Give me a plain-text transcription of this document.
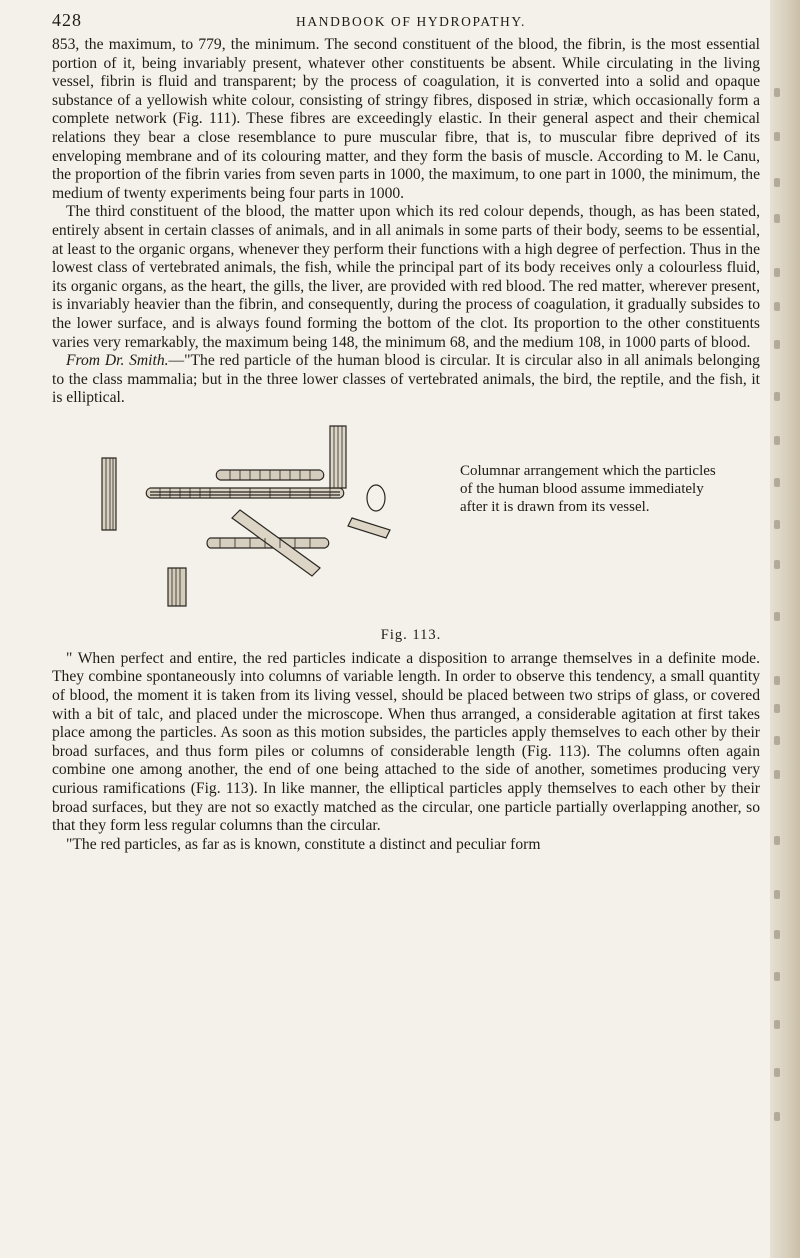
428	HANDBOOK OF HYDROPATHY.

853, the maximum, to 779, the minimum. The second constituent of the blood, the fibrin, is the most essential portion of it, being invariably present, whatever other constituents be absent. While circulating in the living vessel, fibrin is fluid and transparent; by the process of coagulation, it is converted into a solid and opaque substance of a yellowish white colour, consisting of stringy fibres, disposed in striæ, which occasionally form a complete network (Fig. 111). These fibres are exceedingly elastic. In their general aspect and their chemical relations they bear a close resemblance to pure muscular fibre, that is, to muscular fibre deprived of its enveloping membrane and of its colouring matter, and they form the basis of muscle. According to M. le Canu, the proportion of the fibrin varies from seven parts in 1000, the maximum, to one part in 1000, the minimum, the medium of twenty experiments being four parts in 1000.

The third constituent of the blood, the matter upon which its red colour depends, though, as has been stated, entirely absent in certain classes of animals, and in all animals in some parts of their body, seems to be essential, at least to the organic organs, whenever they perform their functions with a high degree of perfection. Thus in the lowest class of vertebrated animals, the fish, while the principal part of its body receives only a colourless fluid, its organic organs, as the heart, the gills, the liver, are provided with red blood. The red matter, wherever present, is invariably heavier than the fibrin, and consequently, during the process of coagulation, it gradually subsides to the lower surface, and is always found forming the bottom of the clot. Its proportion to the other constituents varies very remarkably, the maximum being 148, the minimum 68, and the medium 108, in 1000 parts of blood.

From Dr. Smith.—"The red particle of the human blood is circular. It is circular also in all animals belonging to the class mammalia; but in the three lower classes of vertebrated animals, the bird, the reptile, and the fish, it is elliptical.

Columnar arrangement which the particles of the human blood assume immediately after it is drawn from its vessel.
Fig. 113.

" When perfect and entire, the red particles indicate a disposition to arrange themselves in a definite mode. They combine spontaneously into columns of variable length. In order to observe this tendency, a small quantity of blood, the moment it is taken from its living vessel, should be placed between two strips of glass, or covered with a bit of talc, and placed under the microscope. When thus arranged, a considerable agitation at first takes place among the particles. As soon as this motion subsides, the particles apply themselves to each other by their broad surfaces, and thus form piles or columns of considerable length (Fig. 113). The columns often again combine one among another, the end of one being attached to the side of another, sometimes producing very curious ramifications (Fig. 113). In like manner, the elliptical particles apply themselves to each other by their broad surfaces, but they are not so exactly matched as the circular, one particle partially overlapping another, so that they form less regular columns than the circular.

"The red particles, as far as is known, constitute a distinct and peculiar form
